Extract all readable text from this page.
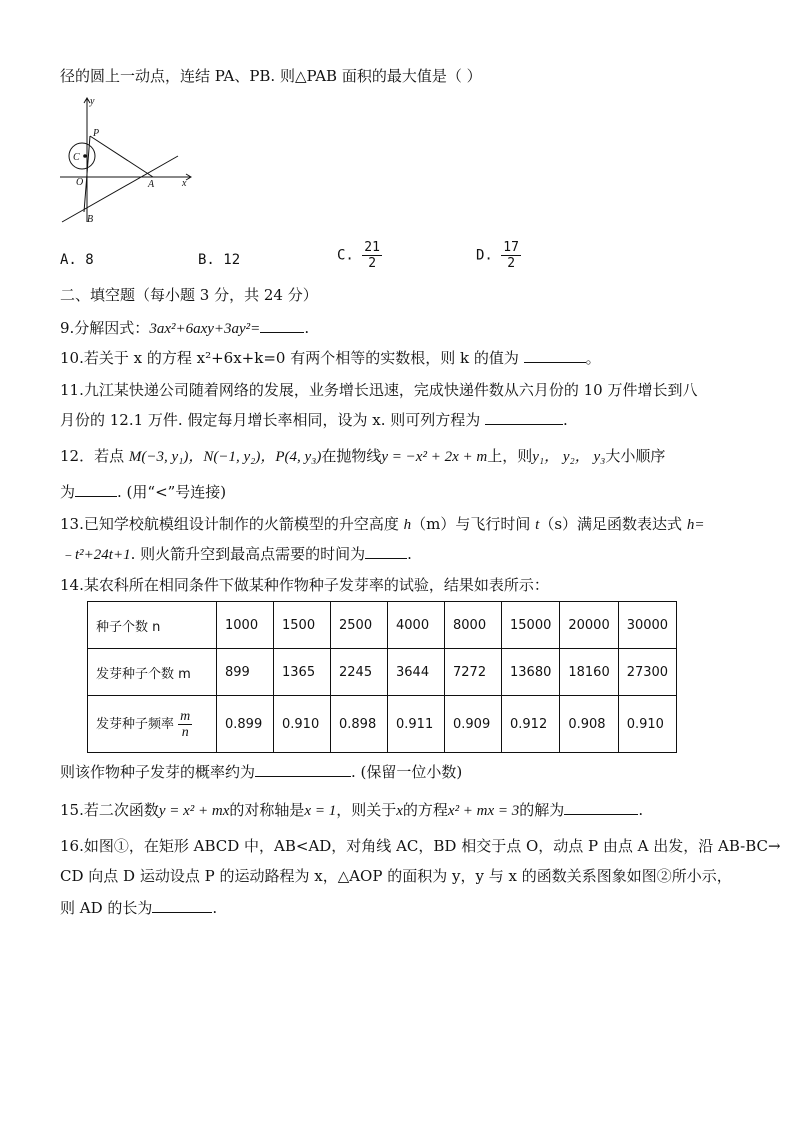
径的圆上一动点，连结 PA、PB. 则△PAB 面积的最大值是（ ）
y
x
P
C
O	A
B
A. 8	B. 12	C. $\frac{21}{2}$	D. $\frac{17}{2}$
二、填空题（每小题 3 分，共 24 分）
9.分解因式：3ax²+6axy+3ay²=	.
10.若关于 x 的方程 x²+6x+k=0 有两个相等的实数根，则 k 的值为	。
11.九江某快递公司随着网络的发展，业务增长迅速，完成快递件数从六月份的 10 万件增长到八
月份的 12.1 万件. 假定每月增长率相同，设为 x. 则可列方程为	.
12．若点 M(−3, y₁)，N(−1, y₂)，P(4, y₃)在抛物线y = −x² + 2x + m上，则y₁， y₂， y₃大小顺序
为	. (用“<”号连接)
13.已知学校航模组设计制作的火箭模型的升空高度 h（m）与飞行时间 t（s）满足函数表达式 h=
﹣t²+24t+1. 则火箭升空到最高点需要的时间为	.
14.某农科所在相同条件下做某种作物种子发芽率的试验，结果如表所示：
种子个数 n	1000	1500	2500	4000	8000	15000	20000	30000
发芽种子个数 m	899	1365	2245	3644	7272	13680	18160	27300
发芽种子频率 $\frac{m}{n}$	0.899	0.910	0.898	0.911	0.909	0.912	0.908	0.910
则该作物种子发芽的概率约为	. (保留一位小数)
15.若二次函数y = x² + mx的对称轴是x = 1，则关于x的方程x² + mx = 3的解为	.
16.如图①，在矩形 ABCD 中，AB<AD，对角线 AC，BD 相交于点 O，动点 P 由点 A 出发，沿 AB-BC→
CD 向点 D 运动设点 P 的运动路程为 x，△AOP 的面积为 y，y 与 x 的函数关系图象如图②所小示，
则 AD 的长为	.
